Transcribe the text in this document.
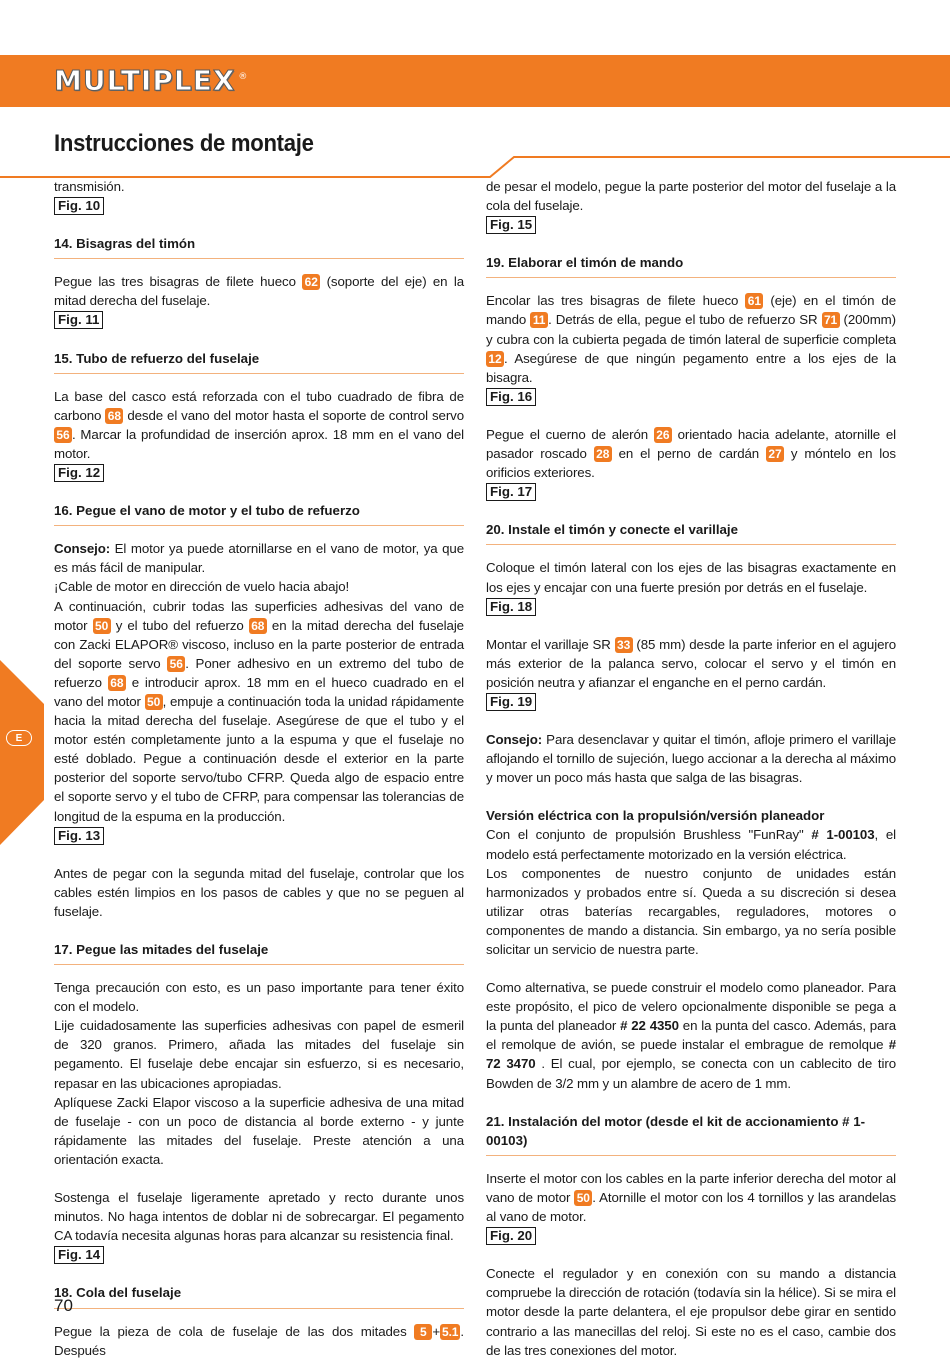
MULTIPLEX ®
Instrucciones de montaje
E

transmisión.

Fig. 10
14. Bisagras del timón

Pegue las tres bisagras de filete hueco 62 (soporte del eje) en la mitad derecha del fuselaje.

Fig. 11
15. Tubo de refuerzo del fuselaje

La base del casco está reforzada con el tubo cuadrado de fibra de carbono 68 desde el vano del motor hasta el soporte de control servo 56 . Marcar la profundidad de inserción aprox. 18 mm en el vano del motor.

Fig. 12
16. Pegue el vano de motor y el tubo de refuerzo

Consejo: El motor ya puede atornillarse en el vano de motor, ya que es más fácil de manipular.

¡Cable de motor en dirección de vuelo hacia abajo!

A continuación, cubrir todas las superficies adhesivas del vano de motor 50 y el tubo del refuerzo 68 en la mitad derecha del fuselaje con Zacki ELAPOR® viscoso, incluso en la parte posterior de entrada del soporte servo 56 . Poner adhesivo en un extremo del tubo de refuerzo 68 e introducir aprox. 18 mm en el hueco cuadrado en el vano del motor 50 , empuje a continuación toda la unidad rápidamente hacia la mitad derecha del fuselaje. Asegúrese de que el tubo y el motor estén completamente junto a la espuma y que el fuselaje no esté doblado. Pegue a continuación desde el exterior en la parte posterior del soporte servo/tubo CFRP. Queda algo de espacio entre el soporte servo y el tubo de CFRP, para compensar las tolerancias de longitud de la espuma en la producción.

Fig. 13

Antes de pegar con la segunda mitad del fuselaje, controlar que los cables estén limpios en los pasos de cables y que no se peguen al fuselaje.

17. Pegue las mitades del fuselaje

Tenga precaución con esto, es un paso importante para tener éxito con el modelo.

Lije cuidadosamente las superficies adhesivas con papel de esmeril de 320 granos. Primero, añada las mitades del fuselaje sin pegamento. El fuselaje debe encajar sin esfuerzo, si es necesario, repasar en las ubicaciones apropiadas.

Aplíquese Zacki Elapor viscoso a la superficie adhesiva de una mitad de fuselaje - con un poco de distancia al borde externo - y junte rápidamente las mitades del fuselaje. Preste atención a una orientación exacta.

Sostenga el fuselaje ligeramente apretado y recto durante unos minutos. No haga intentos de doblar ni de sobrecargar. El pegamento CA todavía necesita algunas horas para alcanzar su resistencia final.

Fig. 14
18. Cola del fuselaje

Pegue la pieza de cola de fuselaje de las dos mitades 5 + 5.1 . Después

de pesar el modelo, pegue la parte posterior del motor del fuselaje a la cola del fuselaje.

Fig. 15
19. Elaborar el timón de mando

Encolar las tres bisagras de filete hueco 61 (eje) en el timón de mando 11 . Detrás de ella, pegue el tubo de refuerzo SR 71 (200mm) y cubra con la cubierta pegada de timón lateral de superficie completa 12 . Asegúrese de que ningún pegamento entre a los ejes de la bisagra.

Fig. 16

Pegue el cuerno de alerón 26 orientado hacia adelante, atornille el pasador roscado 28 en el perno de cardán 27 y móntelo en los orificios exteriores.

Fig. 17
20. Instale el timón y conecte el varillaje

Coloque el timón lateral con los ejes de las bisagras exactamente en los ejes y encajar con una fuerte presión por detrás en el fuselaje.

Fig. 18

Montar el varillaje SR 33 (85 mm) desde la parte inferior en el agujero más exterior de la palanca servo, colocar el servo y el timón en posición neutra y afianzar el enganche en el perno cardán.

Fig. 19

Consejo: Para desenclavar y quitar el timón, afloje primero el varillaje aflojando el tornillo de sujeción, luego accionar a la derecha al máximo y mover un poco más hasta que salga de las bisagras.

Versión eléctrica con la propulsión/versión planeador

Con el conjunto de propulsión Brushless "FunRay" # 1-00103, el modelo está perfectamente motorizado en la versión eléctrica.

Los componentes de nuestro conjunto de unidades están harmonizados y probados entre sí. Queda a su discreción si desea utilizar otras baterías recargables, reguladores, motores o componentes de mando a distancia. Sin embargo, ya no sería posible solicitar un servicio de nuestra parte.

Como alternativa, se puede construir el modelo como planeador. Para este propósito, el pico de velero opcionalmente disponible se pega a la punta del planeador # 22 4350 en la punta del casco. Además, para el remolque de avión, se puede instalar el embrague de remolque # 72 3470 . El cual, por ejemplo, se conecta con un cablecito de tiro Bowden de 3/2 mm y un alambre de acero de 1 mm.

21. Instalación del motor (desde el kit de accionamiento # 1-00103)

Inserte el motor con los cables en la parte inferior derecha del motor al vano de motor 50 . Atornille el motor con los 4 tornillos y las arandelas al vano de motor.

Fig. 20

Conecte el regulador y en conexión con su mando a distancia compruebe la dirección de rotación (todavía sin la hélice). Si se mira el motor desde la parte delantera, el eje propulsor debe girar en sentido contrario a las manecillas del reloj. Si este no es el caso, cambie dos de las tres conexiones del motor.

70
